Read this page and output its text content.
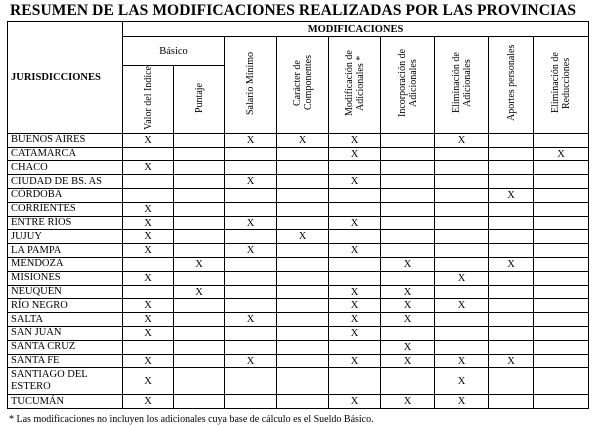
RESUMEN DE LAS MODIFICACIONES REALIZADAS POR LAS PROVINCIAS
JURISDICCIONES	MODIFICACIONES								
	Básico		Salario Mínimo	Carácter de Componentes	Modificación de Adicionales *	Incorporación de Adicionales	Eliminación de Adicionales	Aportes personales	Eliminación de Reducciones
	Valor del Indice	Puntaje							
BUENOS AIRES	X		X	X	X		X		
CATAMARCA					X				X
CHACO	X								
CIUDAD DE BS. AS			X		X				
CÓRDOBA								X	
CORRIENTES	X								
ENTRE RÍOS	X		X		X				
JUJUY	X			X					
LA PAMPA	X		X		X				
MENDOZA		X				X		X	
MISIONES	X						X		
NEUQUÉN		X			X	X			
RÍO NEGRO	X				X	X	X		
SALTA	X		X		X	X			
SAN JUAN	X				X				
SANTA CRUZ						X			
SANTA FE	X		X		X	X	X	X	
SANTIAGO DEL ESTERO	X						X		
TUCUMÁN	X				X	X	X		
* Las modificaciones no incluyen los adicionales cuya base de cálculo es el Sueldo Básico.
